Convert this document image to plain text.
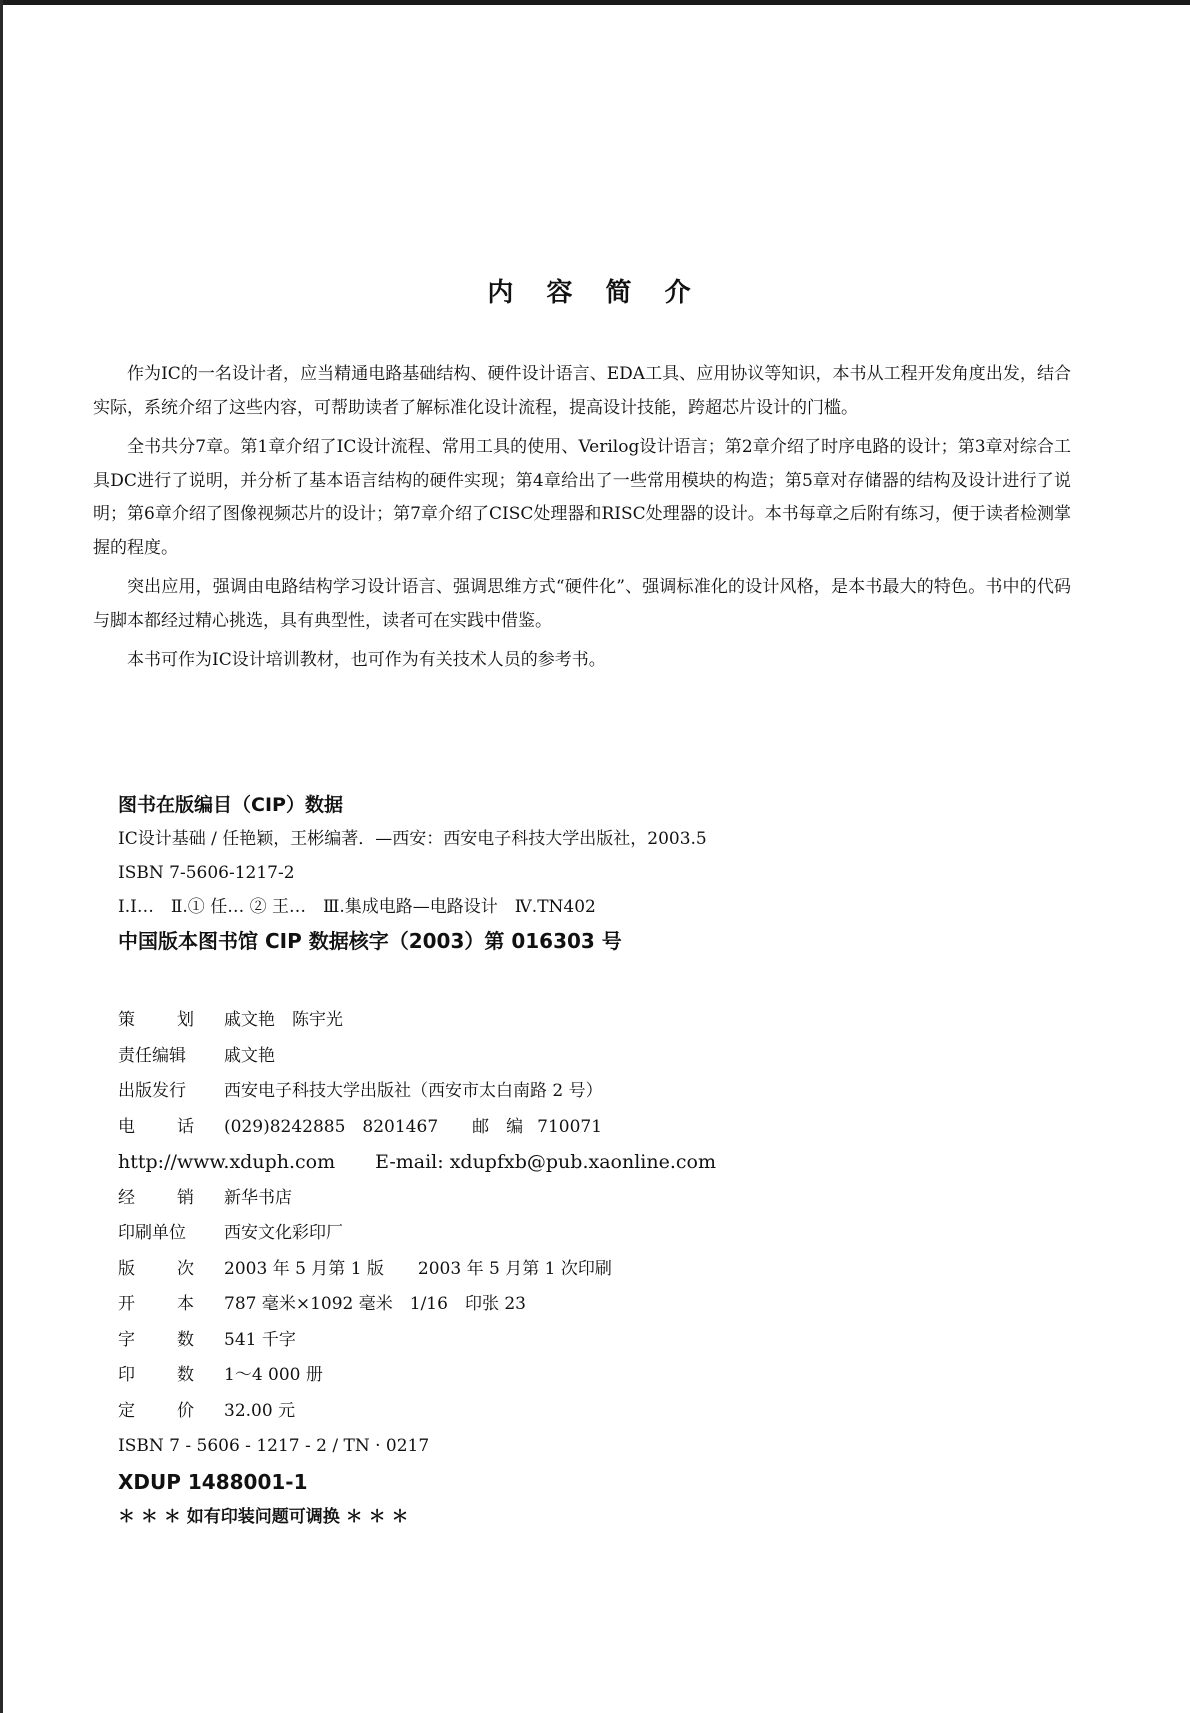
内 容 简 介

作为IC的一名设计者，应当精通电路基础结构、硬件设计语言、EDA工具、应用协议等知识，本书从工程开发角度出发，结合实际，系统介绍了这些内容，可帮助读者了解标准化设计流程，提高设计技能，跨超芯片设计的门槛。

全书共分7章。第1章介绍了IC设计流程、常用工具的使用、Verilog设计语言；第2章介绍了时序电路的设计；第3章对综合工具DC进行了说明，并分析了基本语言结构的硬件实现；第4章给出了一些常用模块的构造；第5章对存储器的结构及设计进行了说明；第6章介绍了图像视频芯片的设计；第7章介绍了CISC处理器和RISC处理器的设计。本书每章之后附有练习，便于读者检测掌握的程度。

突出应用，强调由电路结构学习设计语言、强调思维方式“硬件化”、强调标准化的设计风格，是本书最大的特色。书中的代码与脚本都经过精心挑选，具有典型性，读者可在实践中借鉴。

本书可作为IC设计培训教材，也可作为有关技术人员的参考书。

图书在版编目（CIP）数据
IC设计基础 / 任艳颖，王彬编著．—西安：西安电子科技大学出版社，2003.5
ISBN 7-5606-1217-2
Ⅰ.I…　Ⅱ.① 任… ② 王…　Ⅲ.集成电路—电路设计　Ⅳ.TN402
中国版本图书馆 CIP 数据核字（2003）第 016303 号
策划 戚文艳　陈宇光
责任编辑	戚文艳
出版发行	西安电子科技大学出版社（西安市太白南路 2 号）
电话 (029)8242885　8201467 邮　编 710071
http://www.xduph.com E-mail: xdupfxb@pub.xaonline.com
经销 新华书店
印刷单位	西安文化彩印厂
版次 2003 年 5 月第 1 版　　2003 年 5 月第 1 次印刷
开本 787 毫米×1092 毫米　1/16　印张 23
字数 541 千字
印数 1～4 000 册
定价 32.00 元
ISBN 7 - 5606 - 1217 - 2 / TN · 0217
XDUP 1488001-1
＊ ＊ ＊ 如有印装问题可调换 ＊ ＊ ＊
